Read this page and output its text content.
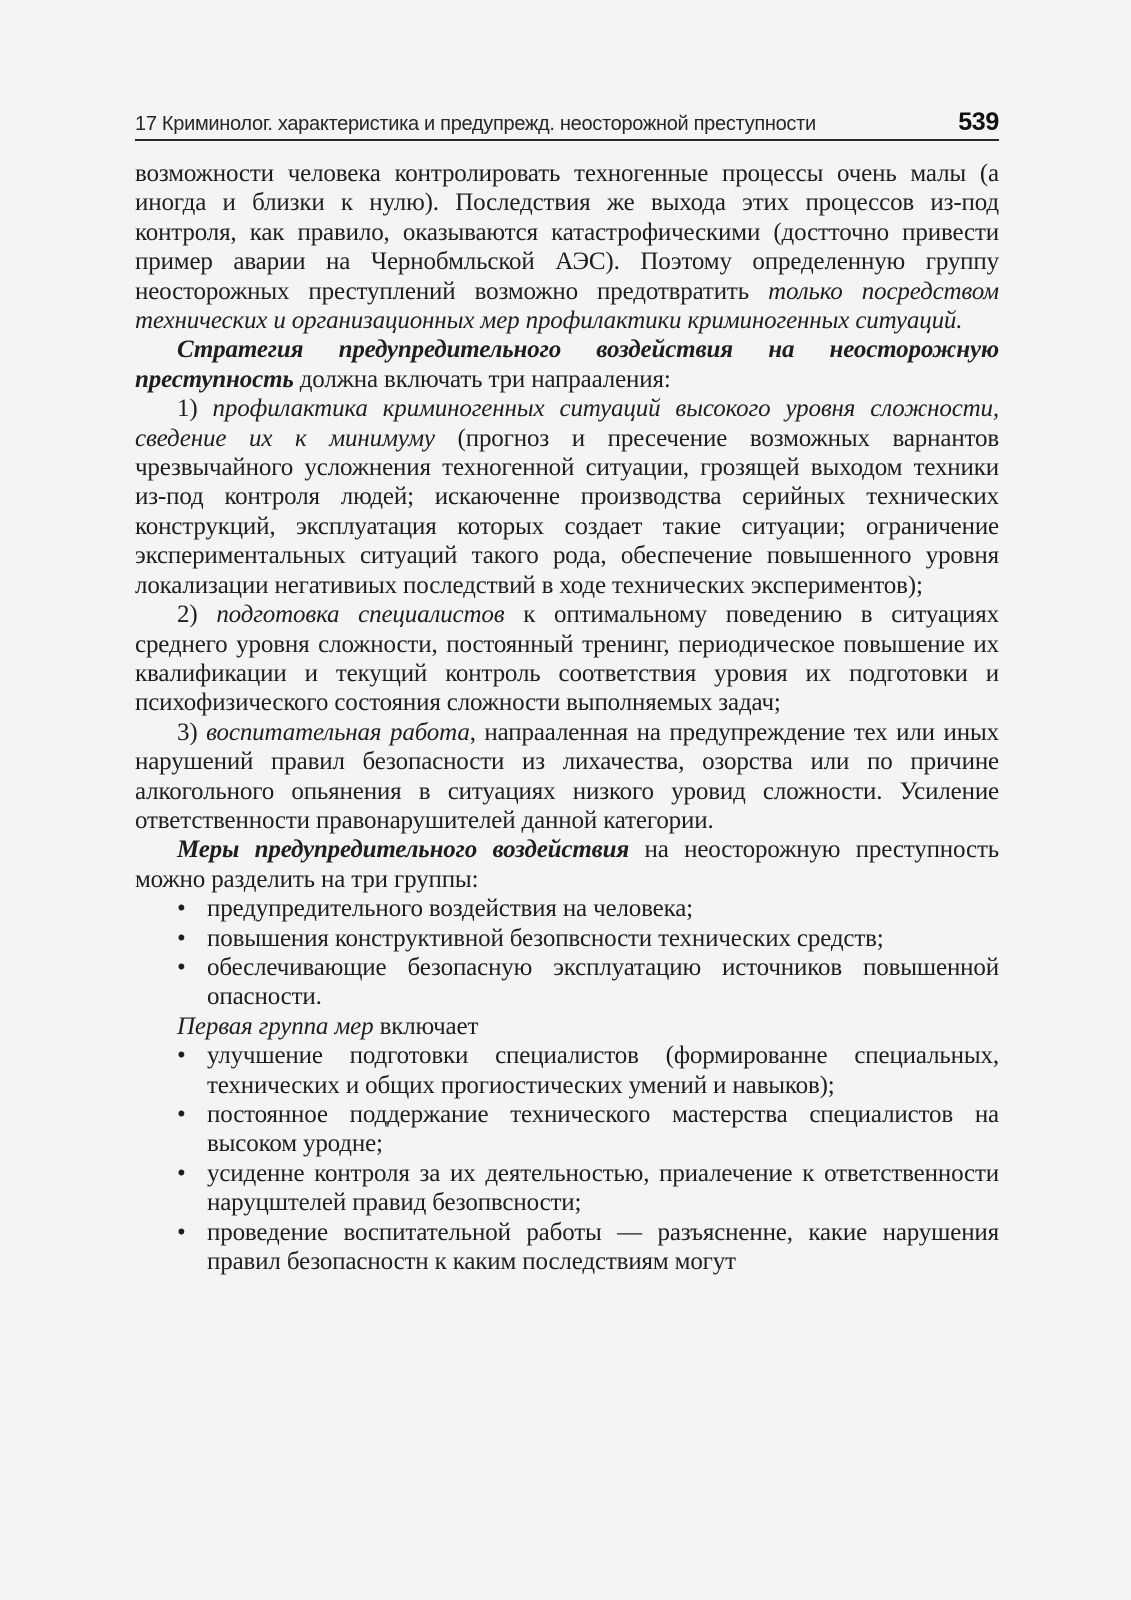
17 Криминолог. характеристика и предупрежд. неосторожной преступности	539

возможности человека контролировать техногенные процессы очень малы (а иногда и близки к нулю). Последствия же выхода этих процессов из-под контроля, как правило, оказываются катастрофическими (достточно привести пример аварии на Чернобмльской АЭС). Поэтому определенную группу неосторожных преступлений возможно предотвратить только посредством технических и организационных мер профилактики криминогенных ситуаций.

Стратегия предупредительного воздействия на неосторожную преступность должна включать три напрааления:

1) профилактика криминогенных ситуаций высокого уровня сложности, сведение их к минимуму (прогноз и пресечение возможных варнантов чрезвычайного усложнения техногенной ситуации, грозящей выходом техники из-под контроля людей; искаюченне производства серийных технических конструкций, эксплуатация которых создает такие ситуации; ограничение экспериментальных ситуаций такого рода, обеспечение повышенного уровня локализации негативиых последствий в ходе технических экспериментов);

2) подготовка специалистов к оптимальному поведению в ситуациях среднего уровня сложности, постоянный тренинг, периодическое повышение их квалификации и текущий контроль соответствия уровия их подготовки и психофизического состояния сложности выполняемых задач;

3) воспитательная работа, напрааленная на предупреждение тех или иных нарушений правил безопасности из лихачества, озорства или по причине алкогольного опьянения в ситуациях низкого уровид сложности. Усиление ответственности правонарушителей данной категории.

Меры предупредительного воздействия на неосторожную преступность можно разделить на три группы:

• предупредительного воздействия на человека;
• повышения конструктивной безопвсности технических средств;
• обеслечивающие безопасную эксплуатацию источников повышенной опасности.

Первая группа мер включает

• улучшение подготовки специалистов (формированне специальных, технических и общих прогиостических умений и навыков);
• постоянное поддержание технического мастерства специалистов на высоком уродне;
• усиденне контроля за их деятельностью, приалечение к ответственности наруцштелей правид безопвсности;
• проведение воспитательной работы — разъясненне, какие нарушения правил безопасностн к каким последствиям могут
